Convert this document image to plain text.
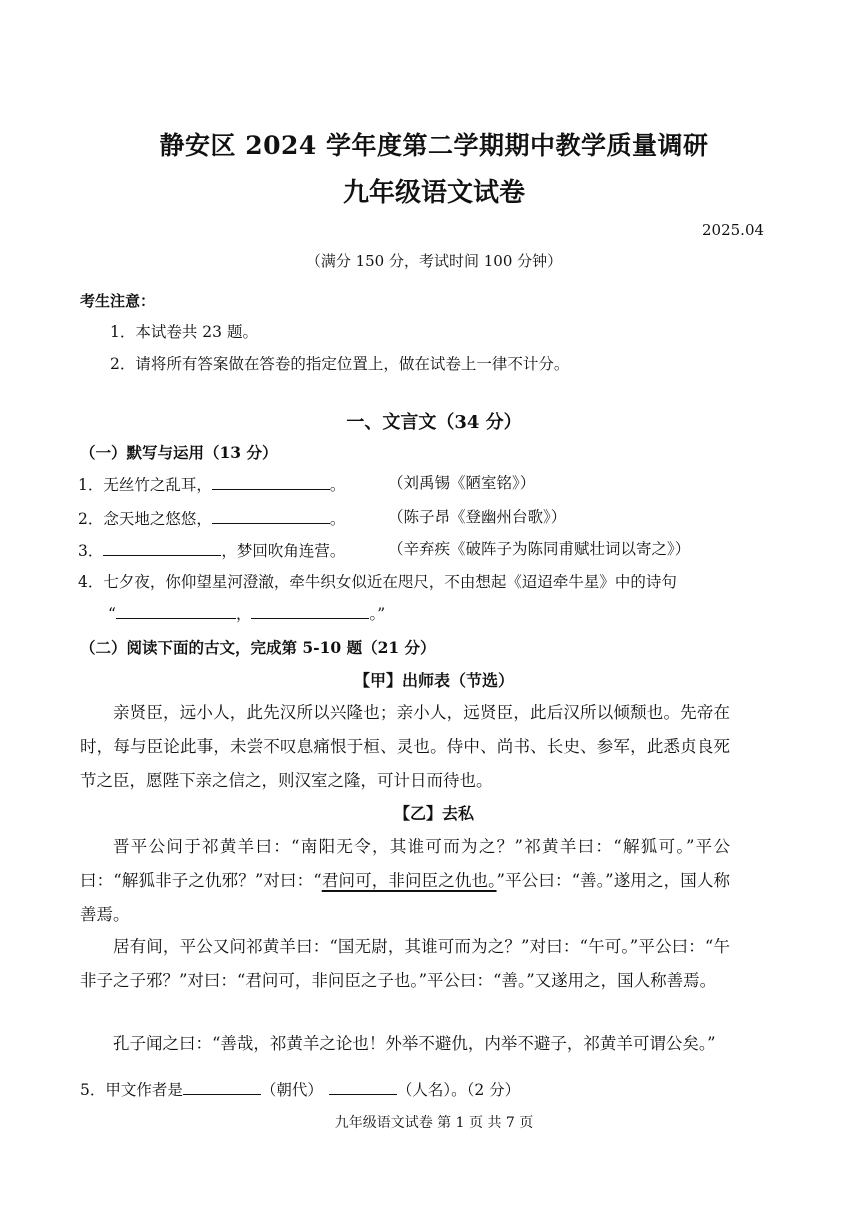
静安区 2024 学年度第二学期期中教学质量调研
九年级语文试卷
2025.04
（满分 150 分，考试时间 100 分钟）
考生注意：
1．本试卷共 23 题。
2．请将所有答案做在答卷的指定位置上，做在试卷上一律不计分。
一、文言文（34 分）
（一）默写与运用（13 分）
1．无丝竹之乱耳，	。	（刘禹锡《陋室铭》）
2．念天地之悠悠，	。	（陈子昂《登幽州台歌》）
3．	，梦回吹角连营。	（辛弃疾《破阵子为陈同甫赋壮词以寄之》）
4．七夕夜，你仰望星河澄澈，牵牛织女似近在咫尺，不由想起《迢迢牵牛星》中的诗句
“	，	。”
（二）阅读下面的古文，完成第 5-10 题（21 分）
【甲】出师表（节选）
亲贤臣，远小人，此先汉所以兴隆也；亲小人，远贤臣，此后汉所以倾颓也。先帝在时，每与臣论此事，未尝不叹息痛恨于桓、灵也。侍中、尚书、长史、参军，此悉贞良死节之臣，愿陛下亲之信之，则汉室之隆，可计日而待也。
【乙】去私
晋平公问于祁黄羊曰：“南阳无令，其谁可而为之？”祁黄羊曰：“解狐可。”平公曰：“解狐非子之仇邪？”对曰：“君问可，非问臣之仇也。”平公曰：“善。”遂用之，国人称善焉。
居有间，平公又问祁黄羊曰：“国无尉，其谁可而为之？”对曰：“午可。”平公曰：“午非子之子邪？”对曰：“君问可，非问臣之子也。”平公曰：“善。”又遂用之，国人称善焉。
孔子闻之曰：“善哉，祁黄羊之论也！外举不避仇，内举不避子，祁黄羊可谓公矣。”
5．甲文作者是	（朝代）	（人名）。（2 分）
九年级语文试卷 第 1 页 共 7 页
